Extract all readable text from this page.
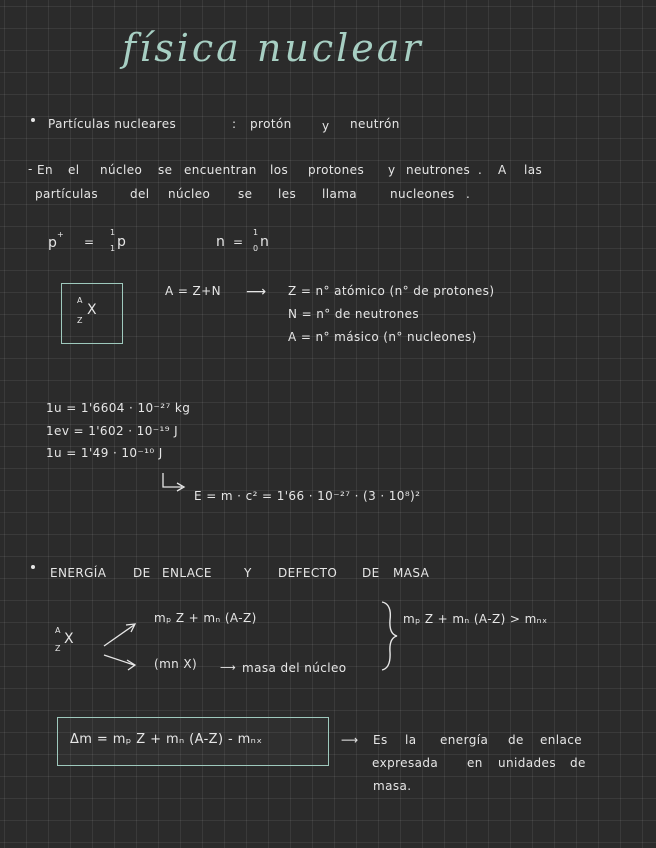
física nuclear
Partículas nucleares	: protón	y neutrón
- En el núcleo se encuentran los protones y neutrones . A las
partículas	del núcleo se les llama	nucleones .
p
+
=
1
1 p	n =
1
0 n
A
Z
X
A = Z+N ⟶ Z = n° atómico (n° de protones)
N = n° de neutrones
A = n° másico (n° nucleones)
1u = 1'6604 · 10⁻²⁷ kg
1ev = 1'602 · 10⁻¹⁹ J
1u = 1'49 · 10⁻¹⁰ J
E = m · c² = 1'66 · 10⁻²⁷ · (3 · 10⁸)²
ENERGÍA DE ENLACE	Y DEFECTO DE MASA
A
Z
X
mₚ Z + mₙ (A-Z)
(mn X) ⟶ masa del núcleo
mₚ Z + mₙ (A-Z) > mₙₓ
Δm = mₚ Z + mₙ (A-Z) - mₙₓ	⟶ Es la energía de enlace
expresada en unidades de
masa.
